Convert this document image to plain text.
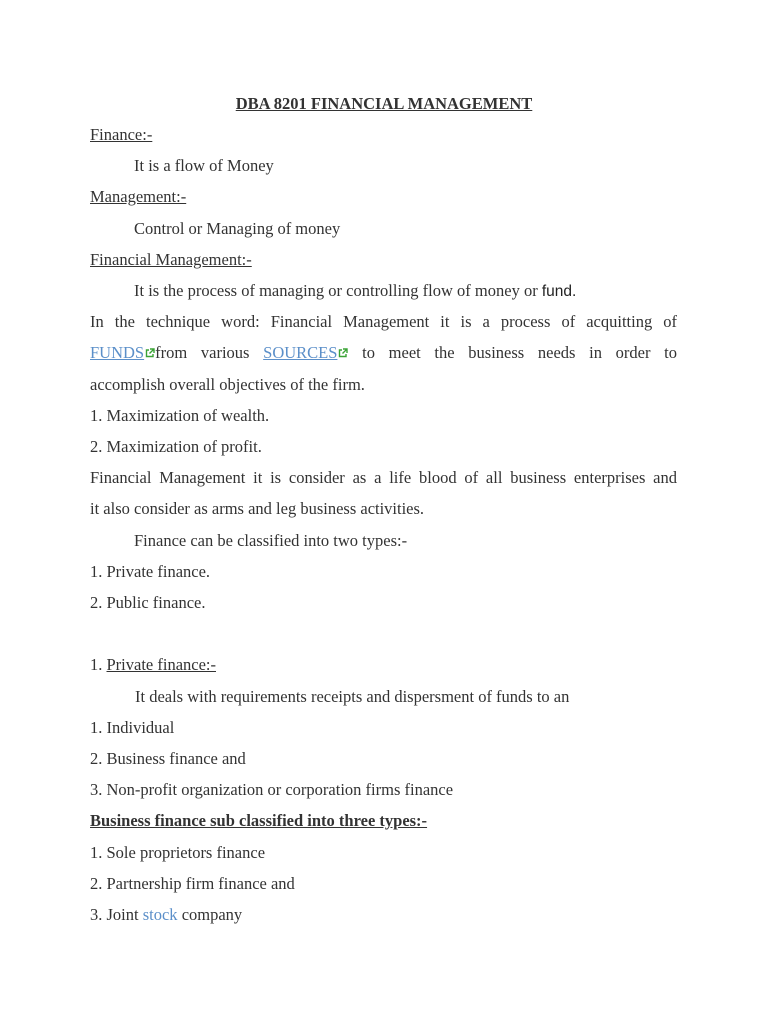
DBA 8201 FINANCIAL MANAGEMENT
Finance:-
It is a flow of Money
Management:-
Control or Managing of money
Financial Management:-
It is the process of managing or controlling flow of money or fund.
In the technique word: Financial Management it is a process of acquitting of
FUNDS from various SOURCES to meet the business needs in order to
accomplish overall objectives of the firm.
1. Maximization of wealth.
2. Maximization of profit.
Financial Management it is consider as a life blood of all business enterprises and
it also consider as arms and leg business activities.
Finance can be classified into two types:-
1. Private finance.
2. Public finance.
1. Private finance:-
It deals with requirements receipts and dispersment of funds to an
1. Individual
2. Business finance and
3. Non-profit organization or corporation firms finance
Business finance sub classified into three types:-
1. Sole proprietors finance
2. Partnership firm finance and
3. Joint stock company
